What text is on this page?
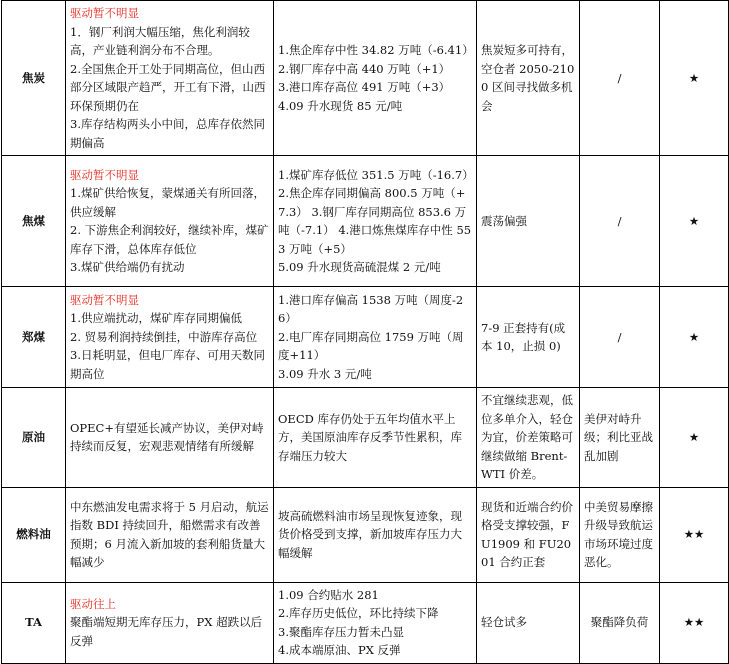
焦炭	驱动暂不明显
1．钢厂利润大幅压缩，焦化利润较高，产业链利润分布不合理。
2.全国焦企开工处于同期高位，但山西部分区域限产趋严，开工有下滑，山西环保预期仍在
3.库存结构两头小中间，总库存依然同期偏高	1.焦企库存中性 34.82 万吨（-6.41）
2.钢厂库存中高 440 万吨（+1）
3.港口库存高位 491 万吨（+3）
4.09 升水现货 85 元/吨	焦炭短多可持有，空仓者 2050-2100 区间寻找做多机会	/	★
焦煤	驱动暂不明显
1.煤矿供给恢复，蒙煤通关有所回落，供应缓解
2. 下游焦企利润较好，继续补库，煤矿库存下滑，总体库存低位
3.煤矿供给端仍有扰动	1.煤矿库存低位 351.5 万吨（-16.7）
2.焦企库存同期偏高 800.5 万吨（+7.3） 3.钢厂库存同期高位 853.6 万吨（-7.1） 4.港口炼焦煤库存中性 553 万吨（+5）
5.09 升水现货高硫混煤 2 元/吨	震荡偏强	/	★
郑煤	驱动暂不明显
1.供应端扰动，煤矿库存同期偏低
2. 贸易利润持续倒挂，中游库存高位 3.日耗明显，但电厂库存、可用天数同期高位	1.港口库存偏高 1538 万吨（周度-26）
2.电厂库存同期高位 1759 万吨（周度+11）
3.09 升水 3 元/吨	7-9 正套持有(成本 10，止损 0)	/	★
原油	OPEC+有望延长减产协议，美伊对峙持续而反复，宏观悲观情绪有所缓解	OECD 库存仍处于五年均值水平上方，美国原油库存反季节性累积，库存端压力较大	不宜继续悲观，低位多单介入，轻仓为宜，价差策略可继续做缩 Brent-WTI 价差。	美伊对峙升级；利比亚战乱加剧	★
燃料油	中东燃油发电需求将于 5 月启动，航运指数 BDI 持续回升，船燃需求有改善预期；6 月流入新加坡的套利船货量大幅减少	坡高硫燃料油市场呈现恢复迹象，现货价格受到支撑，新加坡库存压力大幅缓解	现货和近端合约价格受支撑较强，FU1909 和 FU2001 合约正套	中美贸易摩擦升级导致航运市场环境过度恶化。	★★
TA	驱动往上
聚酯端短期无库存压力，PX 超跌以后反弹	1.09 合约贴水 281
2.库存历史低位，环比持续下降
3.聚酯库存压力暂未凸显
4.成本端原油、PX 反弹	轻仓试多	聚酯降负荷	★★
